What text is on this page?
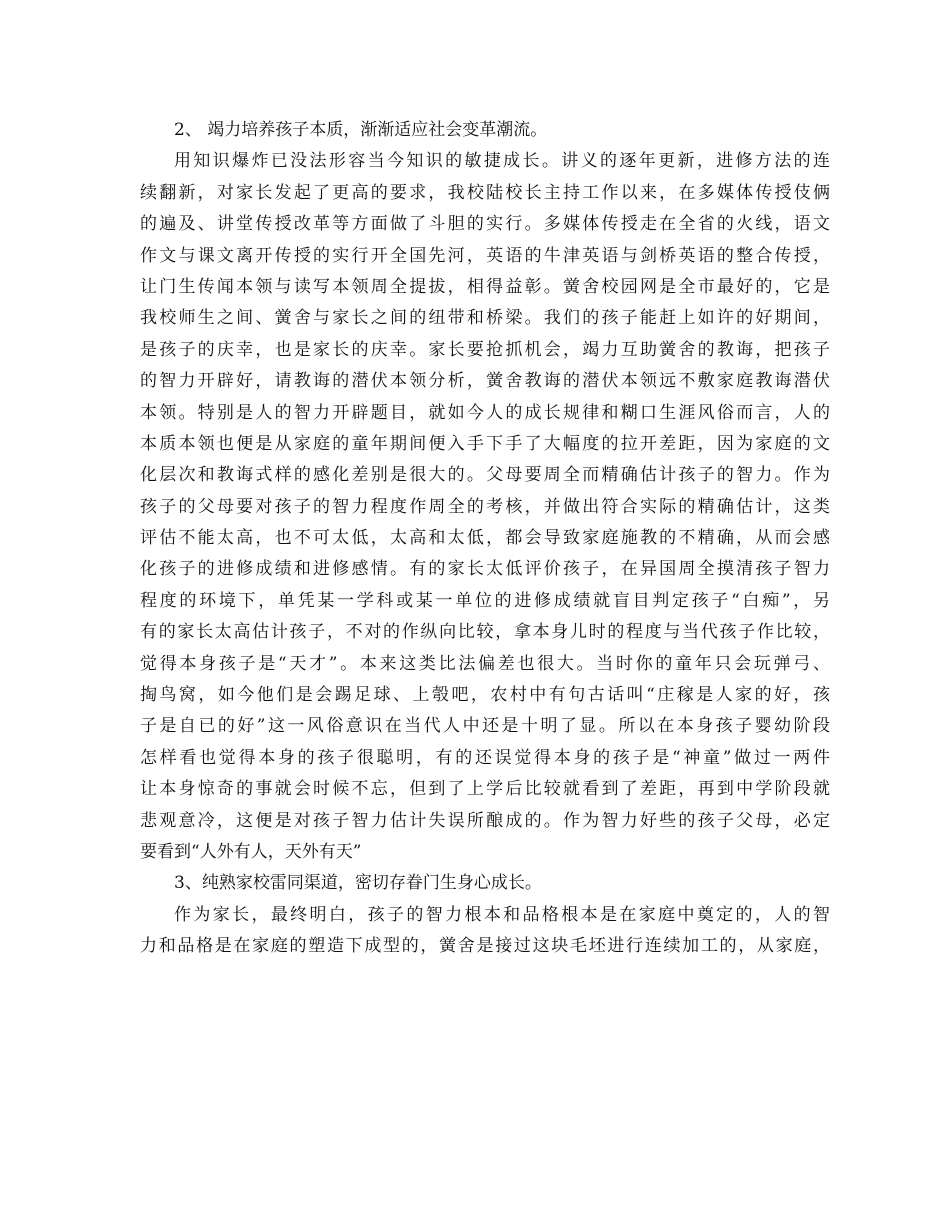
2、 竭力培养孩子本质，渐渐适应社会变革潮流。
用知识爆炸已没法形容当今知识的敏捷成长。讲义的逐年更新，进修方法的连
续翻新，对家长发起了更高的要求，我校陆校长主持工作以来，在多媒体传授伎俩
的遍及、讲堂传授改革等方面做了斗胆的实行。多媒体传授走在全省的火线，语文
作文与课文离开传授的实行开全国先河，英语的牛津英语与剑桥英语的整合传授，
让门生传闻本领与读写本领周全提拔，相得益彰。黉舍校园网是全市最好的，它是
我校师生之间、黉舍与家长之间的纽带和桥梁。我们的孩子能赶上如许的好期间，
是孩子的庆幸，也是家长的庆幸。家长要抢抓机会，竭力互助黉舍的教诲，把孩子
的智力开辟好，请教诲的潜伏本领分析，黉舍教诲的潜伏本领远不敷家庭教诲潜伏
本领。特别是人的智力开辟题目，就如今人的成长规律和糊口生涯风俗而言，人的
本质本领也便是从家庭的童年期间便入手下手了大幅度的拉开差距，因为家庭的文
化层次和教诲式样的感化差别是很大的。父母要周全而精确估计孩子的智力。作为
孩子的父母要对孩子的智力程度作周全的考核，并做出符合实际的精确估计，这类
评估不能太高，也不可太低，太高和太低，都会导致家庭施教的不精确，从而会感
化孩子的进修成绩和进修感情。有的家长太低评价孩子，在异国周全摸清孩子智力
程度的环境下，单凭某一学科或某一单位的进修成绩就盲目判定孩子“白痴”，另
有的家长太高估计孩子，不对的作纵向比较，拿本身儿时的程度与当代孩子作比较，
觉得本身孩子是“天才”。本来这类比法偏差也很大。当时你的童年只会玩弹弓、
掏鸟窝，如今他们是会踢足球、上彀吧，农村中有句古话叫“庄稼是人家的好，孩
子是自已的好”这一风俗意识在当代人中还是十明了显。所以在本身孩子婴幼阶段
怎样看也觉得本身的孩子很聪明，有的还误觉得本身的孩子是“神童”做过一两件
让本身惊奇的事就会时候不忘，但到了上学后比较就看到了差距，再到中学阶段就
悲观意冷，这便是对孩子智力估计失误所酿成的。作为智力好些的孩子父母，必定
要看到“人外有人，天外有天”
3、纯熟家校雷同渠道，密切存眷门生身心成长。
作为家长，最终明白，孩子的智力根本和品格根本是在家庭中奠定的，人的智
力和品格是在家庭的塑造下成型的，黉舍是接过这块毛坯进行连续加工的，从家庭，
